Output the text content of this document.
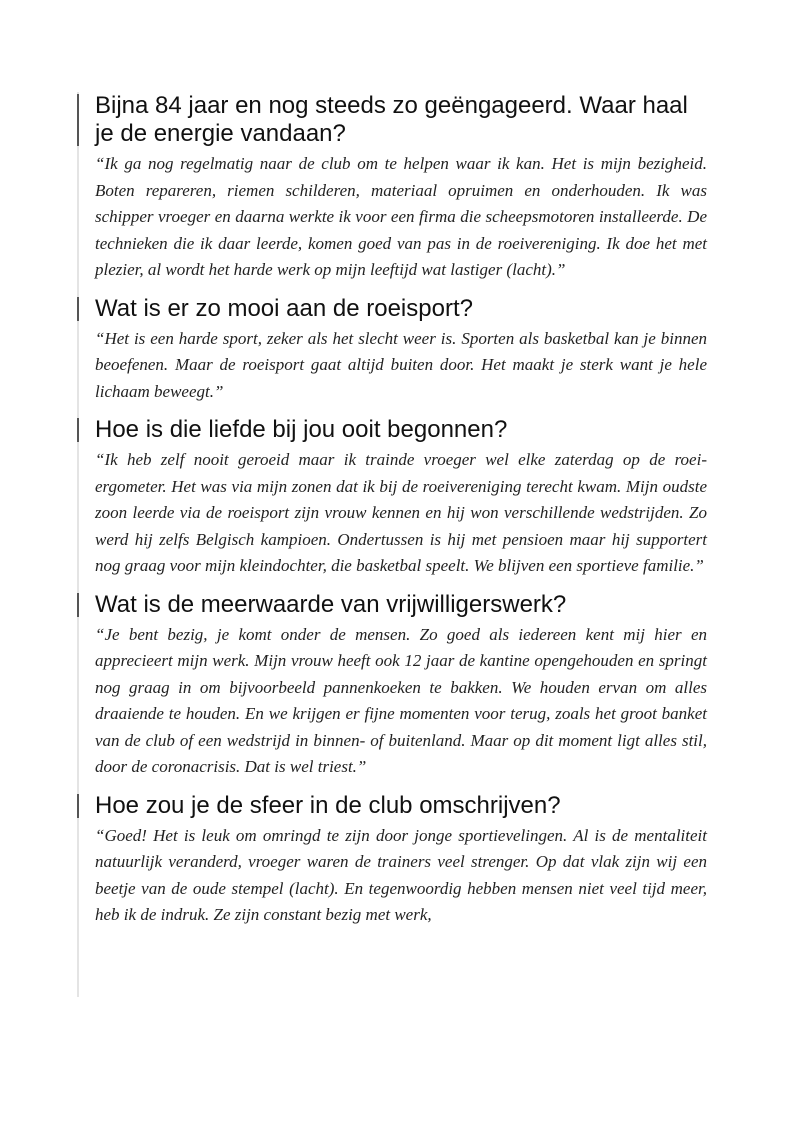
Bijna 84 jaar en nog steeds zo geëngageerd. Waar haal je de energie vandaan?

“Ik ga nog regelmatig naar de club om te helpen waar ik kan. Het is mijn bezigheid. Boten repareren, riemen schilderen, materiaal opruimen en onderhouden. Ik was schipper vroeger en daarna werkte ik voor een firma die scheepsmotoren installeerde. De technieken die ik daar leerde, komen goed van pas in de roeivereniging. Ik doe het met plezier, al wordt het harde werk op mijn leeftijd wat lastiger (lacht).”

Wat is er zo mooi aan de roeisport?

“Het is een harde sport, zeker als het slecht weer is. Sporten als basketbal kan je binnen beoefenen. Maar de roeisport gaat altijd buiten door. Het maakt je sterk want je hele lichaam beweegt.”

Hoe is die liefde bij jou ooit begonnen?

“Ik heb zelf nooit geroeid maar ik trainde vroeger wel elke zaterdag op de roei-ergometer. Het was via mijn zonen dat ik bij de roeivereniging terecht kwam. Mijn oudste zoon leerde via de roeisport zijn vrouw kennen en hij won verschillende wedstrijden. Zo werd hij zelfs Belgisch kampioen. Ondertussen is hij met pensioen maar hij supportert nog graag voor mijn kleindochter, die basketbal speelt. We blijven een sportieve familie.”

Wat is de meerwaarde van vrijwilligerswerk?

“Je bent bezig, je komt onder de mensen. Zo goed als iedereen kent mij hier en apprecieert mijn werk. Mijn vrouw heeft ook 12 jaar de kantine opengehouden en springt nog graag in om bijvoorbeeld pannenkoeken te bakken. We houden ervan om alles draaiende te houden. En we krijgen er fijne momenten voor terug, zoals het groot banket van de club of een wedstrijd in binnen- of buitenland. Maar op dit moment ligt alles stil, door de coronacrisis. Dat is wel triest.”

Hoe zou je de sfeer in de club omschrijven?

“Goed! Het is leuk om omringd te zijn door jonge sportievelingen. Al is de mentaliteit natuurlijk veranderd, vroeger waren de trainers veel strenger. Op dat vlak zijn wij een beetje van de oude stempel (lacht). En tegenwoordig hebben mensen niet veel tijd meer, heb ik de indruk. Ze zijn constant bezig met werk,
